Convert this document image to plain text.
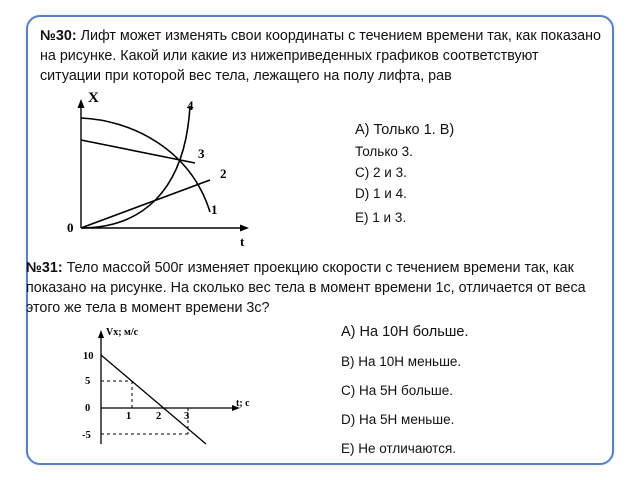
№30: Лифт может изменять свои координаты с течением времени так, как показано на рисунке. Какой или какие из нижеприведенных графиков соответствуют ситуации при которой вес тела, лежащего на полу лифта, рав

X
t
0
4
3
2
1
A) Только 1. В)
Только 3.
C) 2 и 3.
D) 1 и 4.
E) 1 и 3.

№31: Тело массой 500г изменяет проекцию скорости с течением времени так, как показано на рисунке. На сколько вес тела в момент времени 1с, отличается от веса этого же тела в момент времени 3с?

Vx; м/с
t; c
10
5
0
-5
1 2 3
A) На 10Н больше.
B) На 10Н меньше.
C) На 5Н больше.
D) На 5Н меньше.
E) Не отличаются.
